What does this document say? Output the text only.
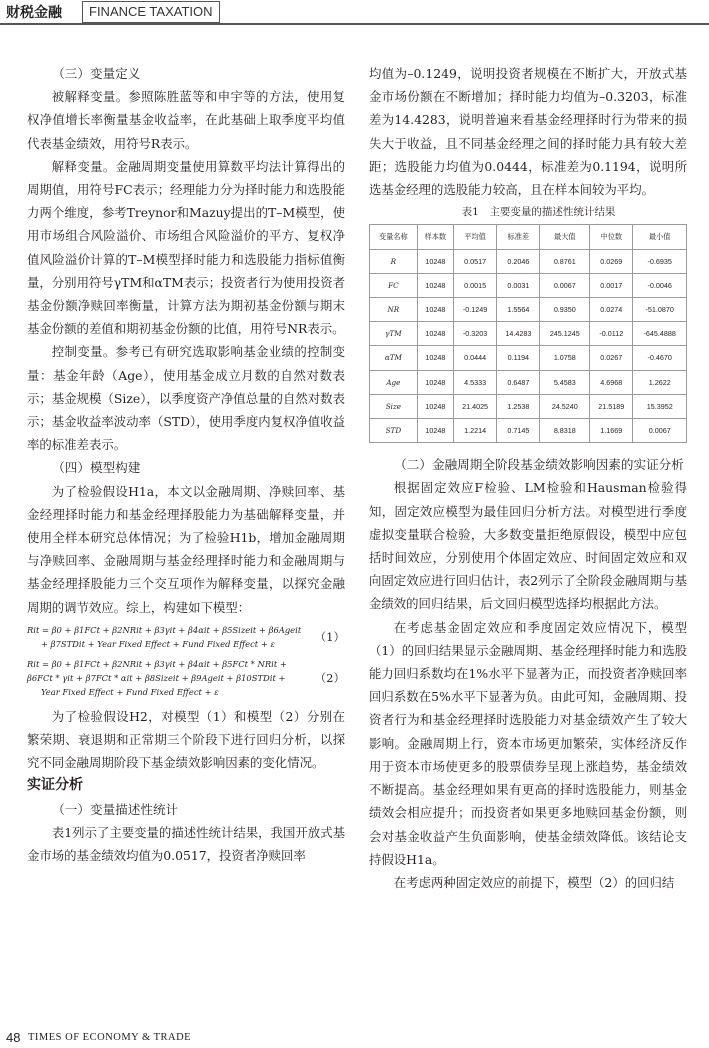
财税金融	FINANCE TAXATION

（三）变量定义

被解释变量。参照陈胜蓝等和申宇等的方法，使用复权净值增长率衡量基金收益率，在此基础上取季度平均值代表基金绩效，用符号R表示。

解释变量。金融周期变量使用算数平均法计算得出的周期值，用符号FC表示；经理能力分为择时能力和选股能力两个维度，参考Treynor和Mazuy提出的T–M模型，使用市场组合风险溢价、市场组合风险溢价的平方、复权净值风险溢价计算的T–M模型择时能力和选股能力指标值衡量，分别用符号γTM和αTM表示；投资者行为使用投资者基金份额净赎回率衡量，计算方法为期初基金份额与期末基金份额的差值和期初基金份额的比值，用符号NR表示。

控制变量。参考已有研究选取影响基金业绩的控制变量：基金年龄（Age），使用基金成立月数的自然对数表示；基金规模（Size），以季度资产净值总量的自然对数表示；基金收益率波动率（STD），使用季度内复权净值收益率的标准差表示。

（四）模型构建

为了检验假设H1a，本文以金融周期、净赎回率、基金经理择时能力和基金经理择股能力为基础解释变量，并使用全样本研究总体情况；为了检验H1b，增加金融周期与净赎回率、金融周期与基金经理择时能力和金融周期与基金经理择股能力三个交互项作为解释变量，以探究金融周期的调节效应。综上，构建如下模型：

Rit = β0 + β1FCt + β2NRit + β3γit + β4αit + β5Sizeit + β6Ageit
+ β7STDit + Year Fixed Effect + Fund Fixed Effect + ε	（1）
Rit = β0 + β1FCt + β2NRit + β3γit + β4αit + β5FCt * NRit +
β6FCt * γit + β7FCt * αit + β8Sizeit + β9Ageit + β10STDit +
Year Fixed Effect + Fund Fixed Effect + ε
（2）

为了检验假设H2，对模型（1）和模型（2）分别在繁荣期、衰退期和正常期三个阶段下进行回归分析，以探究不同金融周期阶段下基金绩效影响因素的变化情况。

实证分析

（一）变量描述性统计

表1列示了主要变量的描述性统计结果，我国开放式基金市场的基金绩效均值为0.0517，投资者净赎回率

均值为–0.1249，说明投资者规模在不断扩大，开放式基金市场份额在不断增加；择时能力均值为–0.3203，标准差为14.4283，说明普遍来看基金经理择时行为带来的损失大于收益，且不同基金经理之间的择时能力具有较大差距；选股能力均值为0.0444，标准差为0.1194，说明所选基金经理的选股能力较高，且在样本间较为平均。

表1　主要变量的描述性统计结果

变量名称	样本数	平均值	标准差	最大值	中位数	最小值
R	10248	0.0517	0.2046	0.8761	0.0269	-0.6935
FC	10248	0.0015	0.0031	0.0067	0.0017	-0.0046
NR	10248	-0.1249	1.5564	0.9350	0.0274	-51.0870
γTM	10248	-0.3203	14.4283	245.1245	-0.0112	-645.4888
αTM	10248	0.0444	0.1194	1.0758	0.0267	-0.4670
Age	10248	4.5333	0.6487	5.4583	4.6968	1.2622
Size	10248	21.4025	1.2538	24.5240	21.5189	15.3952
STD	10248	1.2214	0.7145	8.8318	1.1669	0.0067

（二）金融周期全阶段基金绩效影响因素的实证分析

根据固定效应F检验、LM检验和Hausman检验得知，固定效应模型为最佳回归分析方法。对模型进行季度虚拟变量联合检验，大多数变量拒绝原假设，模型中应包括时间效应，分别使用个体固定效应、时间固定效应和双向固定效应进行回归估计，表2列示了全阶段金融周期与基金绩效的回归结果，后文回归模型选择均根据此方法。

在考虑基金固定效应和季度固定效应情况下，模型（1）的回归结果显示金融周期、基金经理择时能力和选股能力回归系数均在1%水平下显著为正，而投资者净赎回率回归系数在5%水平下显著为负。由此可知，金融周期、投资者行为和基金经理择时选股能力对基金绩效产生了较大影响。金融周期上行，资本市场更加繁荣，实体经济反作用于资本市场使更多的股票债券呈现上涨趋势，基金绩效不断提高。基金经理如果有更高的择时选股能力，则基金绩效会相应提升；而投资者如果更多地赎回基金份额，则会对基金收益产生负面影响，使基金绩效降低。该结论支持假设H1a。

在考虑两种固定效应的前提下，模型（2）的回归结

48 TIMES OF ECONOMY & TRADE
